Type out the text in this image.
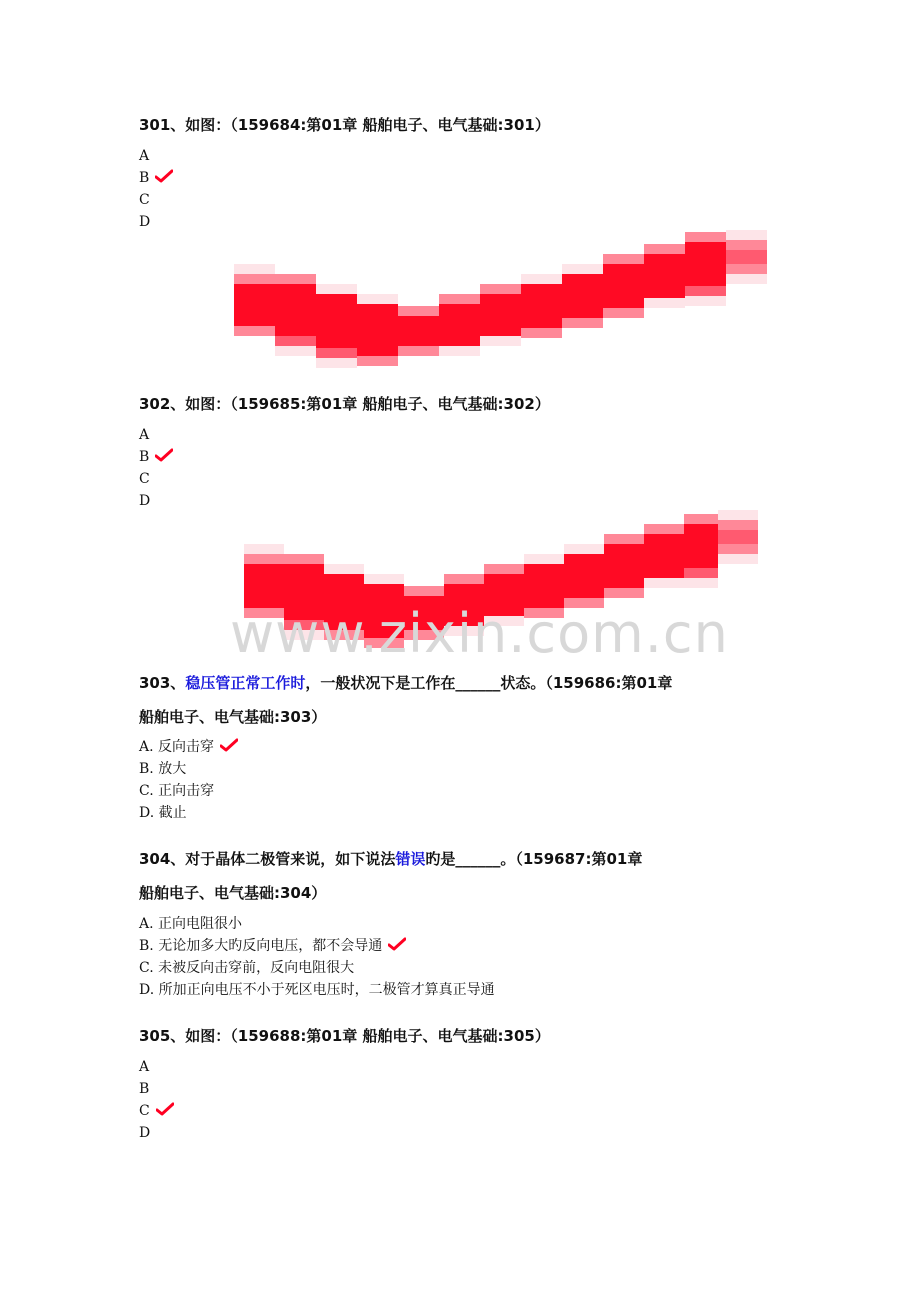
301、如图：（159684:第01章 船舶电子、电气基础:301）
A
B
C
D
302、如图：（159685:第01章 船舶电子、电气基础:302）
A
B
C
D
www.zixin.com.cn
303、稳压管正常工作时，一般状况下是工作在______状态。（159686:第01章
船舶电子、电气基础:303）
A. 反向击穿
B. 放大
C. 正向击穿
D. 截止
304、对于晶体二极管来说，如下说法错误旳是______。（159687:第01章
船舶电子、电气基础:304）
A. 正向电阻很小
B. 无论加多大旳反向电压，都不会导通
C. 未被反向击穿前，反向电阻很大
D. 所加正向电压不小于死区电压时，二极管才算真正导通
305、如图：（159688:第01章 船舶电子、电气基础:305）
A
B
C
D
